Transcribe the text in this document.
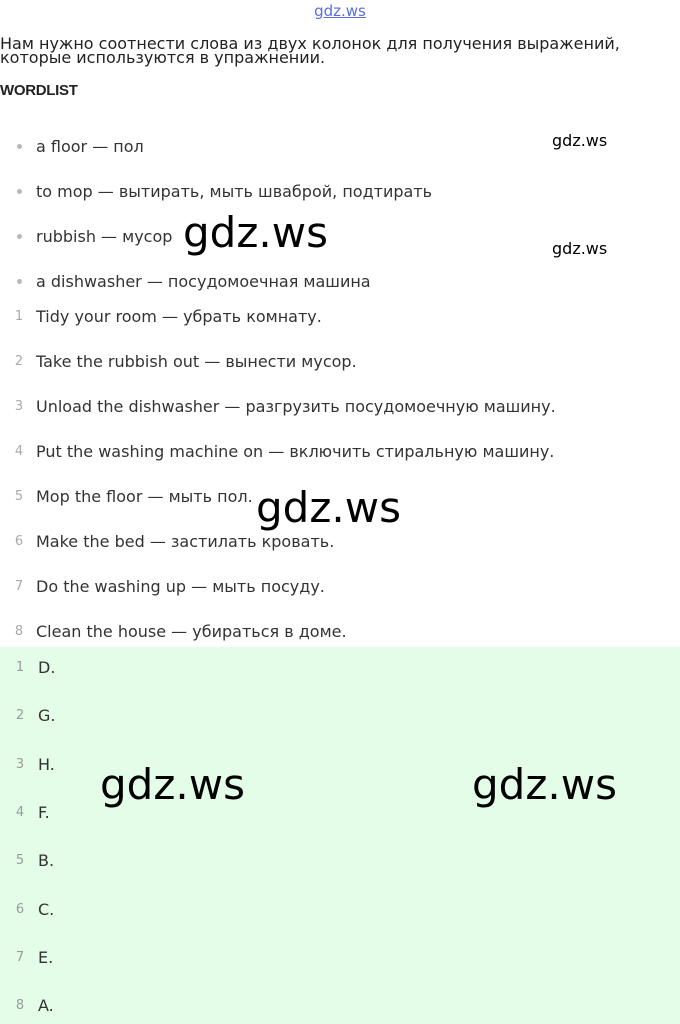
gdz.ws

Нам нужно соотнести слова из двух колонок для получения выражений,

которые используются в упражнении.
WORDLIST
a floor — пол
to mop — вытирать, мыть шваброй, подтирать
rubbish — мусор
a dishwasher — посудомоечная машина
1 Tidy your room — убрать комнату.
2 Take the rubbish out — вынести мусор.
3 Unload the dishwasher — разгрузить посудомоечную машину.
4 Put the washing machine on — включить стиральную машину.
5 Mop the floor — мыть пол.
6 Make the bed — застилать кровать.
7 Do the washing up — мыть посуду.
8 Clean the house — убираться в доме.
1 D.
2 G.
3 H.
4 F.
5 B.
6 C.
7 E.
8 A.
gdz.ws
gdz.ws	gdz.ws
gdz.ws
gdz.ws	gdz.ws
